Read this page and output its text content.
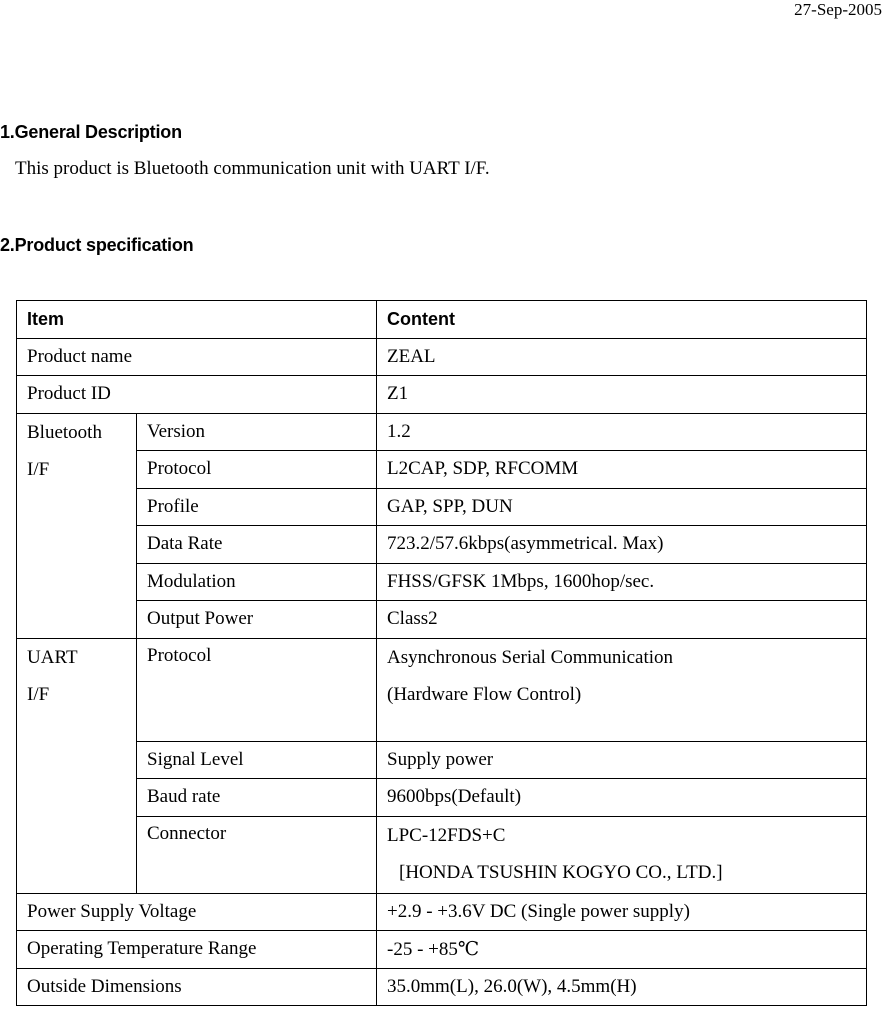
27-Sep-2005
1.General Description
This product is Bluetooth communication unit with UART I/F.
2.Product specification
Item		Content
Product name		ZEAL
Product ID		Z1

Bluetooth
I/F	Version	1.2
	Protocol	L2CAP, SDP, RFCOMM
	Profile	GAP, SPP, DUN
	Data Rate	723.2/57.6kbps(asymmetrical. Max)
	Modulation	FHSS/GFSK 1Mbps, 1600hop/sec.
	Output Power	Class2

UART
I/F	Protocol	Asynchronous Serial Communication
(Hardware Flow Control)

	Signal Level	Supply power
	Baud rate	9600bps(Default)
	Connector	LPC-12FDS+C
[HONDA TSUSHIN KOGYO CO., LTD.]

Power Supply Voltage		+2.9 - +3.6V DC (Single power supply)
Operating Temperature Range		-25 - +85℃
Outside Dimensions		35.0mm(L), 26.0(W), 4.5mm(H)
